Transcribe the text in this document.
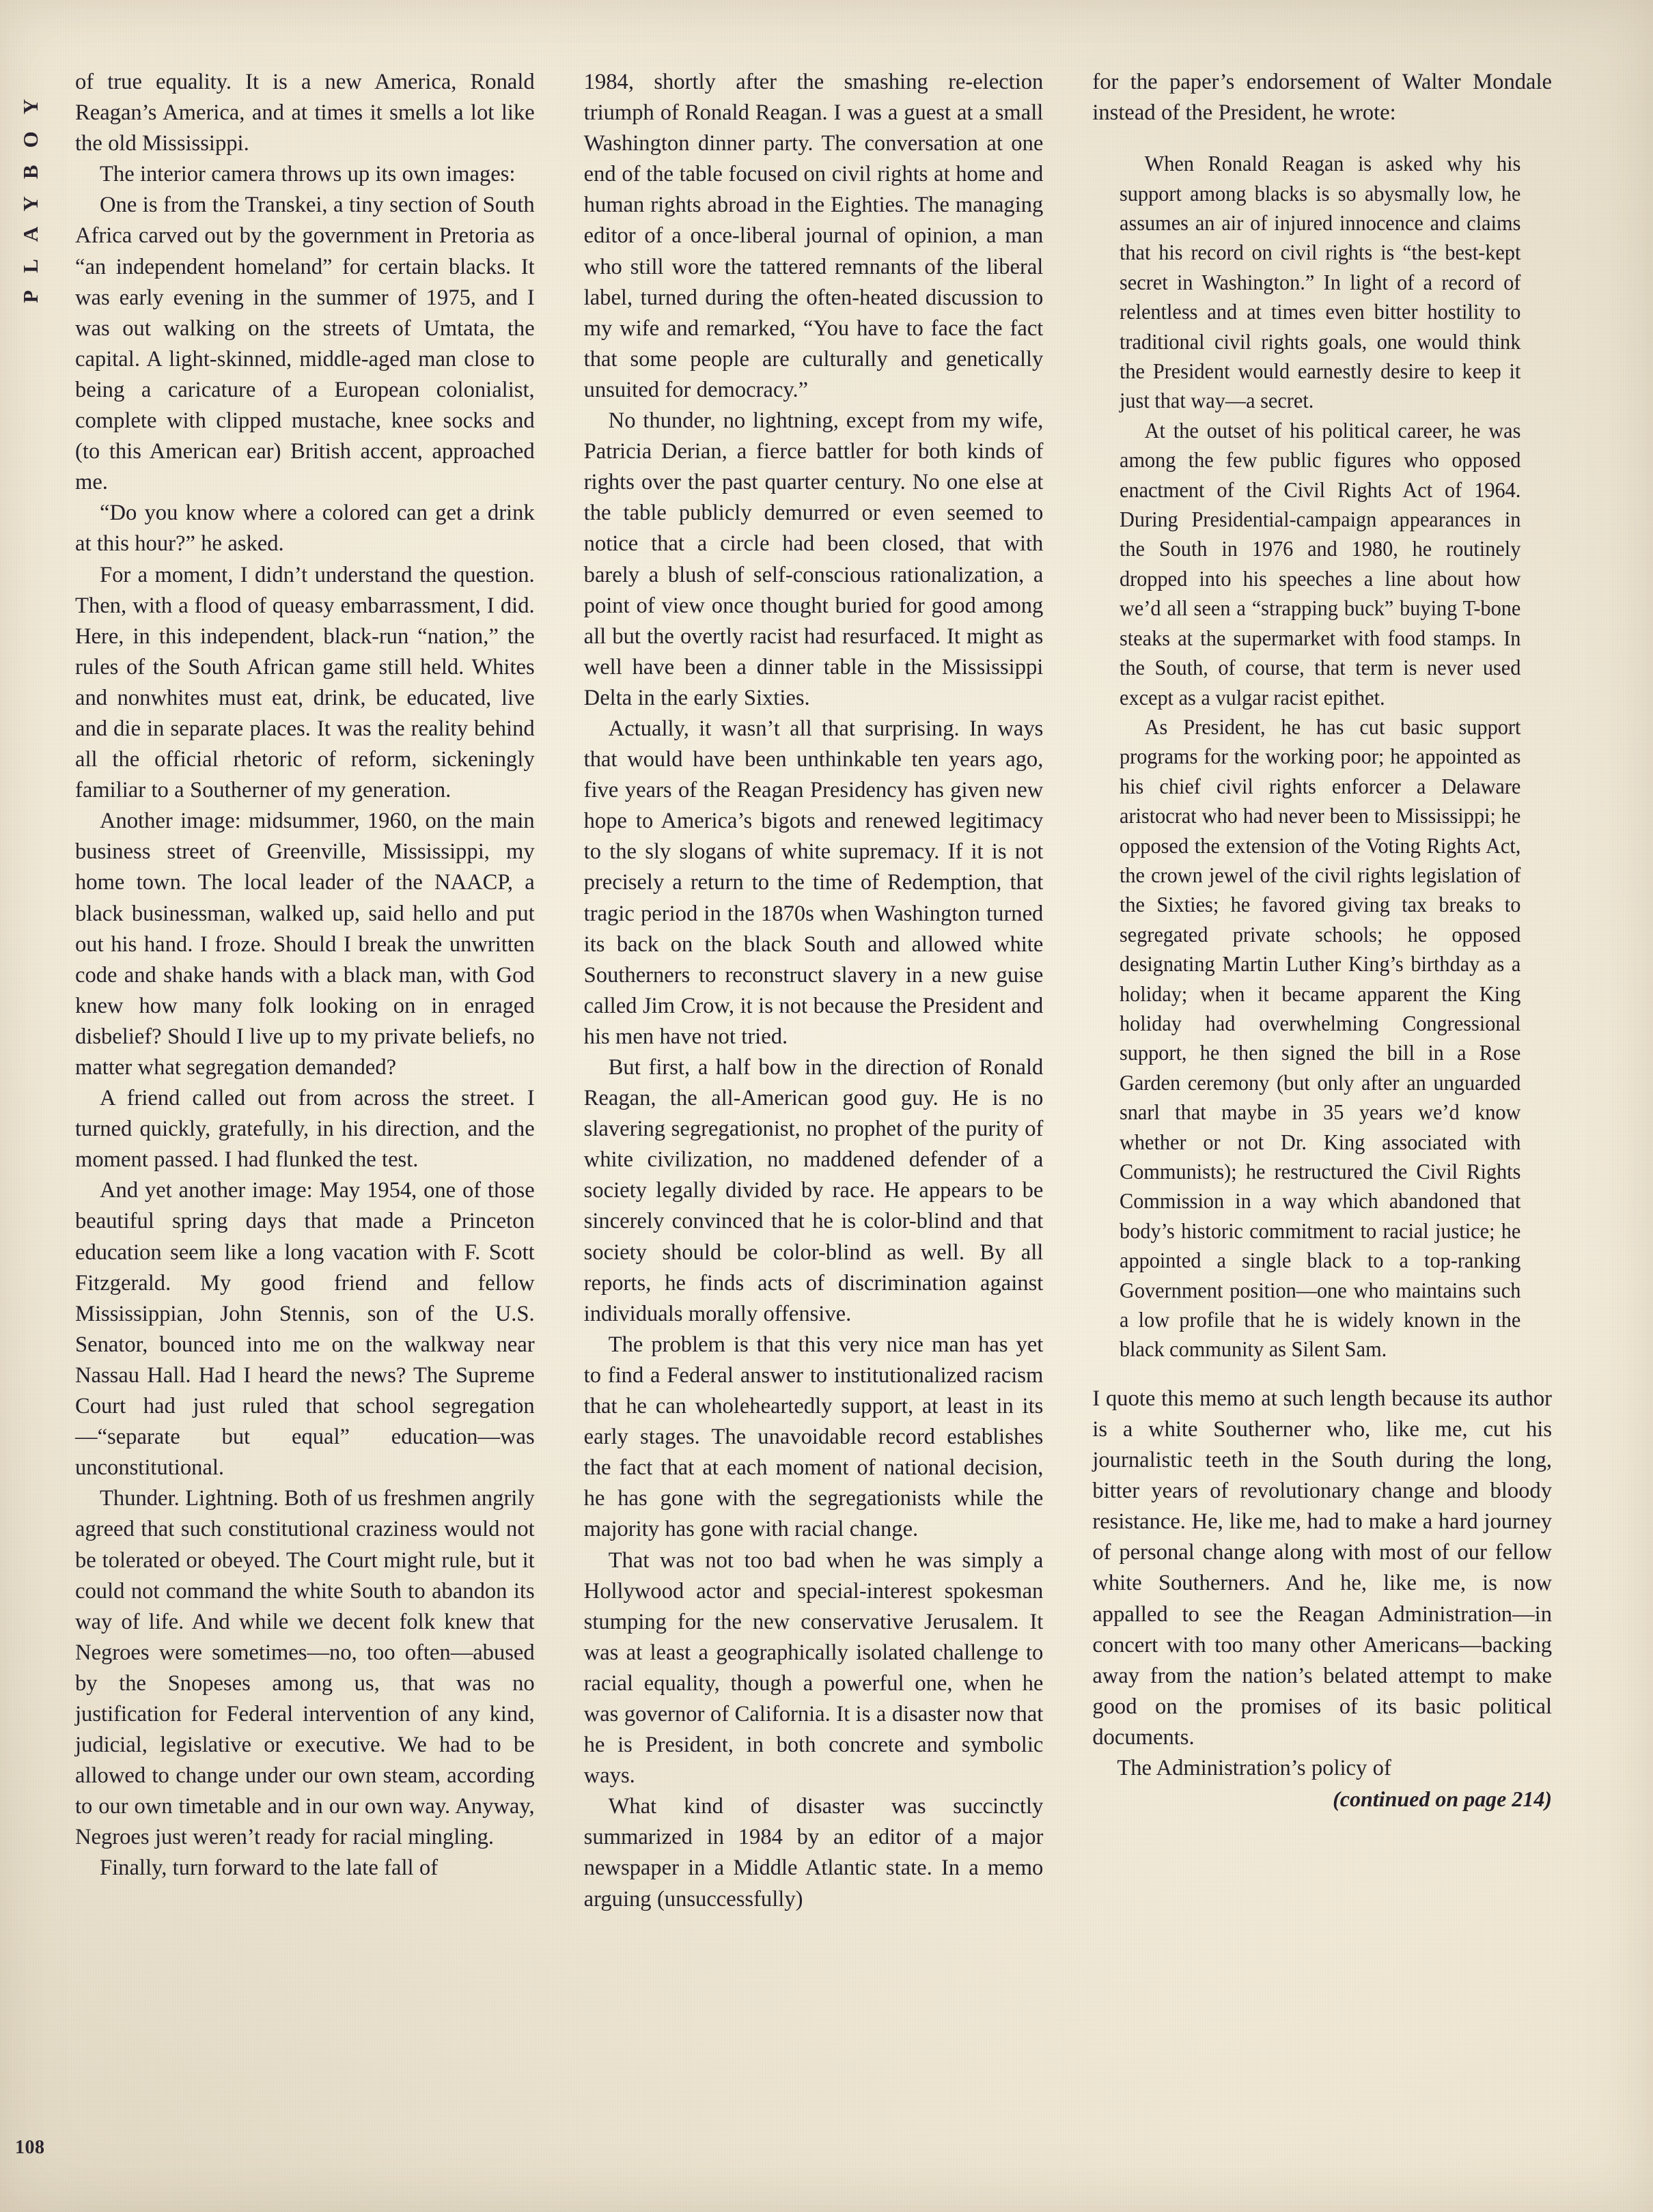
PLAYBOY
108

of true equality. It is a new America, Ronald Reagan’s America, and at times it smells a lot like the old Mississippi.

The interior camera throws up its own images:

One is from the Transkei, a tiny section of South Africa carved out by the government in Pretoria as “an independent homeland” for certain blacks. It was early evening in the summer of 1975, and I was out walking on the streets of Umtata, the capital. A light-skinned, middle-aged man close to being a caricature of a European colonialist, complete with clipped mustache, knee socks and (to this American ear) British accent, approached me.

“Do you know where a colored can get a drink at this hour?” he asked.

For a moment, I didn’t understand the question. Then, with a flood of queasy embarrassment, I did. Here, in this independent, black-run “nation,” the rules of the South African game still held. Whites and nonwhites must eat, drink, be educated, live and die in separate places. It was the reality behind all the official rhetoric of reform, sickeningly familiar to a Southerner of my generation.

Another image: midsummer, 1960, on the main business street of Greenville, Mississippi, my home town. The local leader of the NAACP, a black businessman, walked up, said hello and put out his hand. I froze. Should I break the unwritten code and shake hands with a black man, with God knew how many folk looking on in enraged disbelief? Should I live up to my private beliefs, no matter what segregation demanded?

A friend called out from across the street. I turned quickly, gratefully, in his direction, and the moment passed. I had flunked the test.

And yet another image: May 1954, one of those beautiful spring days that made a Princeton education seem like a long vacation with F. Scott Fitzgerald. My good friend and fellow Mississippian, John Stennis, son of the U.S. Senator, bounced into me on the walkway near Nassau Hall. Had I heard the news? The Supreme Court had just ruled that school segregation—“separate but equal” education—was unconstitutional.

Thunder. Lightning. Both of us freshmen angrily agreed that such constitutional craziness would not be tolerated or obeyed. The Court might rule, but it could not command the white South to abandon its way of life. And while we decent folk knew that Negroes were sometimes—no, too often—abused by the Snopeses among us, that was no justification for Federal intervention of any kind, judicial, legislative or executive. We had to be allowed to change under our own steam, according to our own timetable and in our own way. Anyway, Negroes just weren’t ready for racial mingling.

Finally, turn forward to the late fall of

1984, shortly after the smashing re-election triumph of Ronald Reagan. I was a guest at a small Washington dinner party. The conversation at one end of the table focused on civil rights at home and human rights abroad in the Eighties. The managing editor of a once-liberal journal of opinion, a man who still wore the tattered remnants of the liberal label, turned during the often-heated discussion to my wife and remarked, “You have to face the fact that some people are culturally and genetically unsuited for democracy.”

No thunder, no lightning, except from my wife, Patricia Derian, a fierce battler for both kinds of rights over the past quarter century. No one else at the table publicly demurred or even seemed to notice that a circle had been closed, that with barely a blush of self-conscious rationalization, a point of view once thought buried for good among all but the overtly racist had resurfaced. It might as well have been a dinner table in the Mississippi Delta in the early Sixties.

Actually, it wasn’t all that surprising. In ways that would have been unthinkable ten years ago, five years of the Reagan Presidency has given new hope to America’s bigots and renewed legitimacy to the sly slogans of white supremacy. If it is not precisely a return to the time of Redemption, that tragic period in the 1870s when Washington turned its back on the black South and allowed white Southerners to reconstruct slavery in a new guise called Jim Crow, it is not because the President and his men have not tried.

But first, a half bow in the direction of Ronald Reagan, the all-American good guy. He is no slavering segregationist, no prophet of the purity of white civilization, no maddened defender of a society legally divided by race. He appears to be sincerely convinced that he is color-blind and that society should be color-blind as well. By all reports, he finds acts of discrimination against individuals morally offensive.

The problem is that this very nice man has yet to find a Federal answer to institutionalized racism that he can wholeheartedly support, at least in its early stages. The unavoidable record establishes the fact that at each moment of national decision, he has gone with the segregationists while the majority has gone with racial change.

That was not too bad when he was simply a Hollywood actor and special-interest spokesman stumping for the new conservative Jerusalem. It was at least a geographically isolated challenge to racial equality, though a powerful one, when he was governor of California. It is a disaster now that he is President, in both concrete and symbolic ways.

What kind of disaster was succinctly summarized in 1984 by an editor of a major newspaper in a Middle Atlantic state. In a memo arguing (unsuccessfully)

for the paper’s endorsement of Walter Mondale instead of the President, he wrote:

When Ronald Reagan is asked why his support among blacks is so abysmally low, he assumes an air of injured innocence and claims that his record on civil rights is “the best-kept secret in Washington.” In light of a record of relentless and at times even bitter hostility to traditional civil rights goals, one would think the President would earnestly desire to keep it just that way—a secret.

At the outset of his political career, he was among the few public figures who opposed enactment of the Civil Rights Act of 1964. During Presidential-campaign appearances in the South in 1976 and 1980, he routinely dropped into his speeches a line about how we’d all seen a “strapping buck” buying T-bone steaks at the supermarket with food stamps. In the South, of course, that term is never used except as a vulgar racist epithet.

As President, he has cut basic support programs for the working poor; he appointed as his chief civil rights enforcer a Delaware aristocrat who had never been to Mississippi; he opposed the extension of the Voting Rights Act, the crown jewel of the civil rights legislation of the Sixties; he favored giving tax breaks to segregated private schools; he opposed designating Martin Luther King’s birthday as a holiday; when it became apparent the King holiday had overwhelming Congressional support, he then signed the bill in a Rose Garden ceremony (but only after an unguarded snarl that maybe in 35 years we’d know whether or not Dr. King associated with Communists); he restructured the Civil Rights Commission in a way which abandoned that body’s historic commitment to racial justice; he appointed a single black to a top-ranking Government position—one who maintains such a low profile that he is widely known in the black community as Silent Sam.

I quote this memo at such length because its author is a white Southerner who, like me, cut his journalistic teeth in the South during the long, bitter years of revolutionary change and bloody resistance. He, like me, had to make a hard journey of personal change along with most of our fellow white Southerners. And he, like me, is now appalled to see the Reagan Administration—in concert with too many other Americans—backing away from the nation’s belated attempt to make good on the promises of its basic political documents.

The Administration’s policy of

(continued on page 214)
